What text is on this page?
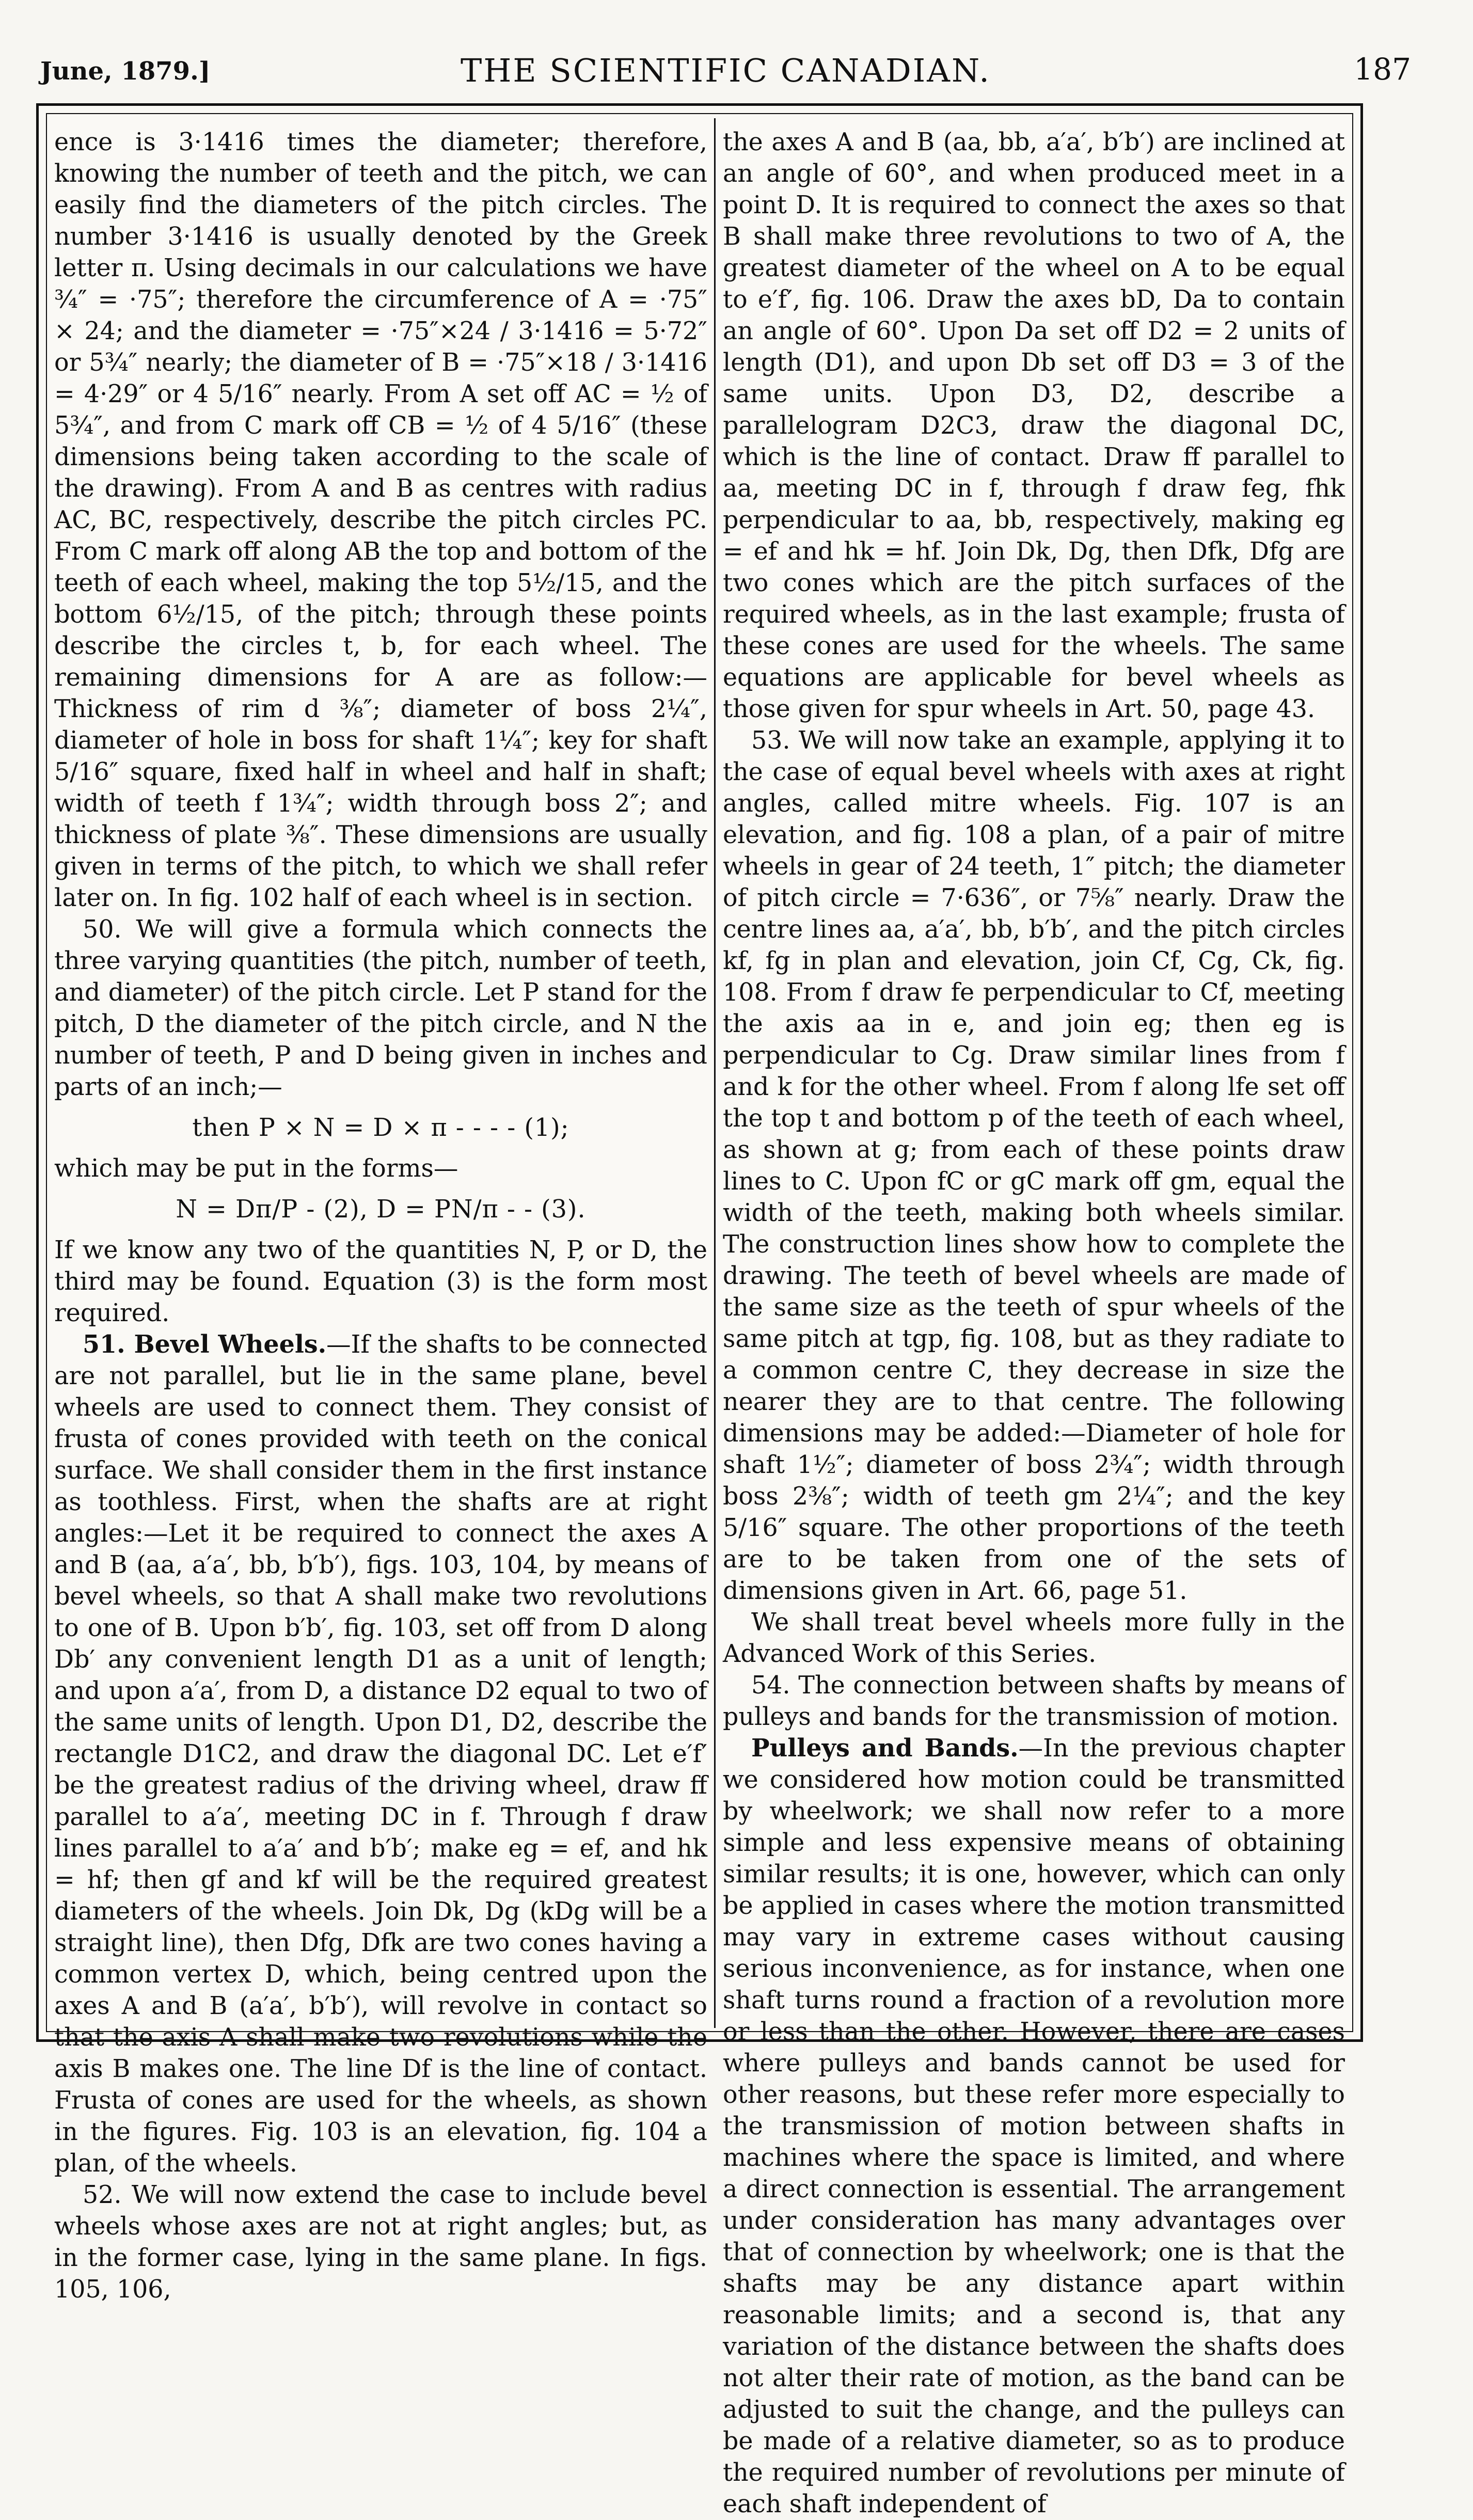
June, 1879.]	THE SCIENTIFIC CANADIAN.	187

ence is 3·1416 times the diameter; therefore, knowing the number of teeth and the pitch, we can easily find the diameters of the pitch circles. The number 3·1416 is usually denoted by the Greek letter π. Using decimals in our calculations we have ¾″ = ·75″; therefore the circumference of A = ·75″ × 24; and the diameter = ·75″×24 / 3·1416 = 5·72″ or 5¾″ nearly; the diameter of B = ·75″×18 / 3·1416 = 4·29″ or 4 5/16″ nearly. From A set off AC = ½ of 5¾″, and from C mark off CB = ½ of 4 5/16″ (these dimensions being taken according to the scale of the drawing). From A and B as centres with radius AC, BC, respectively, describe the pitch circles PC. From C mark off along AB the top and bottom of the teeth of each wheel, making the top 5½/15, and the bottom 6½/15, of the pitch; through these points describe the circles t, b, for each wheel. The remaining dimensions for A are as follow:—Thickness of rim d ⅜″; diameter of boss 2¼″, diameter of hole in boss for shaft 1¼″; key for shaft 5/16″ square, fixed half in wheel and half in shaft; width of teeth f 1¾″; width through boss 2″; and thickness of plate ⅜″. These dimensions are usually given in terms of the pitch, to which we shall refer later on. In fig. 102 half of each wheel is in section.

50. We will give a formula which connects the three varying quantities (the pitch, number of teeth, and diameter) of the pitch circle. Let P stand for the pitch, D the diameter of the pitch circle, and N the number of teeth, P and D being given in inches and parts of an inch;—

then P × N = D × π - - - - (1);

which may be put in the forms—

N = Dπ/P - (2), D = PN/π - - (3).

If we know any two of the quantities N, P, or D, the third may be found. Equation (3) is the form most required.

51. Bevel Wheels.—If the shafts to be connected are not parallel, but lie in the same plane, bevel wheels are used to connect them. They consist of frusta of cones provided with teeth on the conical surface. We shall consider them in the first instance as toothless. First, when the shafts are at right angles:—Let it be required to connect the axes A and B (aa, a′a′, bb, b′b′), figs. 103, 104, by means of bevel wheels, so that A shall make two revolutions to one of B. Upon b′b′, fig. 103, set off from D along Db′ any convenient length D1 as a unit of length; and upon a′a′, from D, a distance D2 equal to two of the same units of length. Upon D1, D2, describe the rectangle D1C2, and draw the diagonal DC. Let e′f′ be the greatest radius of the driving wheel, draw ff parallel to a′a′, meeting DC in f. Through f draw lines parallel to a′a′ and b′b′; make eg = ef, and hk = hf; then gf and kf will be the required greatest diameters of the wheels. Join Dk, Dg (kDg will be a straight line), then Dfg, Dfk are two cones having a common vertex D, which, being centred upon the axes A and B (a′a′, b′b′), will revolve in contact so that the axis A shall make two revolutions while the axis B makes one. The line Df is the line of contact. Frusta of cones are used for the wheels, as shown in the figures. Fig. 103 is an elevation, fig. 104 a plan, of the wheels.

52. We will now extend the case to include bevel wheels whose axes are not at right angles; but, as in the former case, lying in the same plane. In figs. 105, 106,

the axes A and B (aa, bb, a′a′, b′b′) are inclined at an angle of 60°, and when produced meet in a point D. It is required to connect the axes so that B shall make three revolutions to two of A, the greatest diameter of the wheel on A to be equal to e′f′, fig. 106. Draw the axes bD, Da to contain an angle of 60°. Upon Da set off D2 = 2 units of length (D1), and upon Db set off D3 = 3 of the same units. Upon D3, D2, describe a parallelogram D2C3, draw the diagonal DC, which is the line of contact. Draw ff parallel to aa, meeting DC in f, through f draw feg, fhk perpendicular to aa, bb, respectively, making eg = ef and hk = hf. Join Dk, Dg, then Dfk, Dfg are two cones which are the pitch surfaces of the required wheels, as in the last example; frusta of these cones are used for the wheels. The same equations are applicable for bevel wheels as those given for spur wheels in Art. 50, page 43.

53. We will now take an example, applying it to the case of equal bevel wheels with axes at right angles, called mitre wheels. Fig. 107 is an elevation, and fig. 108 a plan, of a pair of mitre wheels in gear of 24 teeth, 1″ pitch; the diameter of pitch circle = 7·636″, or 7⅝″ nearly. Draw the centre lines aa, a′a′, bb, b′b′, and the pitch circles kf, fg in plan and elevation, join Cf, Cg, Ck, fig. 108. From f draw fe perpendicular to Cf, meeting the axis aa in e, and join eg; then eg is perpendicular to Cg. Draw similar lines from f and k for the other wheel. From f along lfe set off the top t and bottom p of the teeth of each wheel, as shown at g; from each of these points draw lines to C. Upon fC or gC mark off gm, equal the width of the teeth, making both wheels similar. The construction lines show how to complete the drawing. The teeth of bevel wheels are made of the same size as the teeth of spur wheels of the same pitch at tgp, fig. 108, but as they radiate to a common centre C, they decrease in size the nearer they are to that centre. The following dimensions may be added:—Diameter of hole for shaft 1½″; diameter of boss 2¾″; width through boss 2⅜″; width of teeth gm 2¼″; and the key 5/16″ square. The other proportions of the teeth are to be taken from one of the sets of dimensions given in Art. 66, page 51.

We shall treat bevel wheels more fully in the Advanced Work of this Series.

54. The connection between shafts by means of pulleys and bands for the transmission of motion.

Pulleys and Bands.—In the previous chapter we considered how motion could be transmitted by wheelwork; we shall now refer to a more simple and less expensive means of obtaining similar results; it is one, however, which can only be applied in cases where the motion transmitted may vary in extreme cases without causing serious inconvenience, as for instance, when one shaft turns round a fraction of a revolution more or less than the other. However, there are cases where pulleys and bands cannot be used for other reasons, but these refer more especially to the transmission of motion between shafts in machines where the space is limited, and where a direct connection is essential. The arrangement under consideration has many advantages over that of connection by wheelwork; one is that the shafts may be any distance apart within reasonable limits; and a second is, that any variation of the distance between the shafts does not alter their rate of motion, as the band can be adjusted to suit the change, and the pulleys can be made of a relative diameter, so as to produce the required number of revolutions per minute of each shaft independent of
